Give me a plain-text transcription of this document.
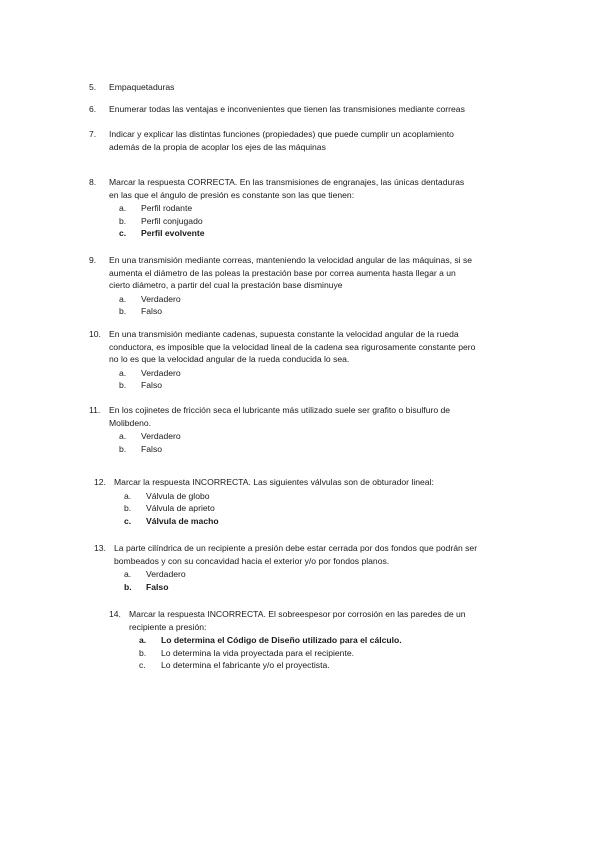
5. Empaquetaduras
6. Enumerar todas las ventajas e inconvenientes que tienen las transmisiones mediante correas
7. Indicar y explicar las distintas funciones (propiedades) que puede cumplir un acoplamiento
además de la propia de acoplar los ejes de las máquinas
8. Marcar la respuesta CORRECTA. En las transmisiones de engranajes, las únicas dentaduras
en las que el ángulo de presión es constante son las que tienen:
a. Perfil rodante
b. Perfil conjugado
c. Perfil evolvente
9. En una transmisión mediante correas, manteniendo la velocidad angular de las máquinas, si se
aumenta el diámetro de las poleas la prestación base por correa aumenta hasta llegar a un
cierto diámetro, a partir del cual la prestación base disminuye
a. Verdadero
b. Falso
10. En una transmisión mediante cadenas, supuesta constante la velocidad angular de la rueda
conductora, es imposible que la velocidad lineal de la cadena sea rigurosamente constante pero
no lo es que la velocidad angular de la rueda conducida lo sea.
a. Verdadero
b. Falso
11. En los cojinetes de fricción seca el lubricante más utilizado suele ser grafito o bisulfuro de
Molibdeno.
a. Verdadero
b. Falso
12. Marcar la respuesta INCORRECTA. Las siguientes válvulas son de obturador lineal:
a. Válvula de globo
b. Válvula de aprieto
c. Válvula de macho
13. La parte cilíndrica de un recipiente a presión debe estar cerrada por dos fondos que podrán ser
bombeados y con su concavidad hacia el exterior y/o por fondos planos.
a. Verdadero
b. Falso
14. Marcar la respuesta INCORRECTA. El sobreespesor por corrosión en las paredes de un
recipiente a presión:
a. Lo determina el Código de Diseño utilizado para el cálculo.
b. Lo determina la vida proyectada para el recipiente.
c. Lo determina el fabricante y/o el proyectista.
